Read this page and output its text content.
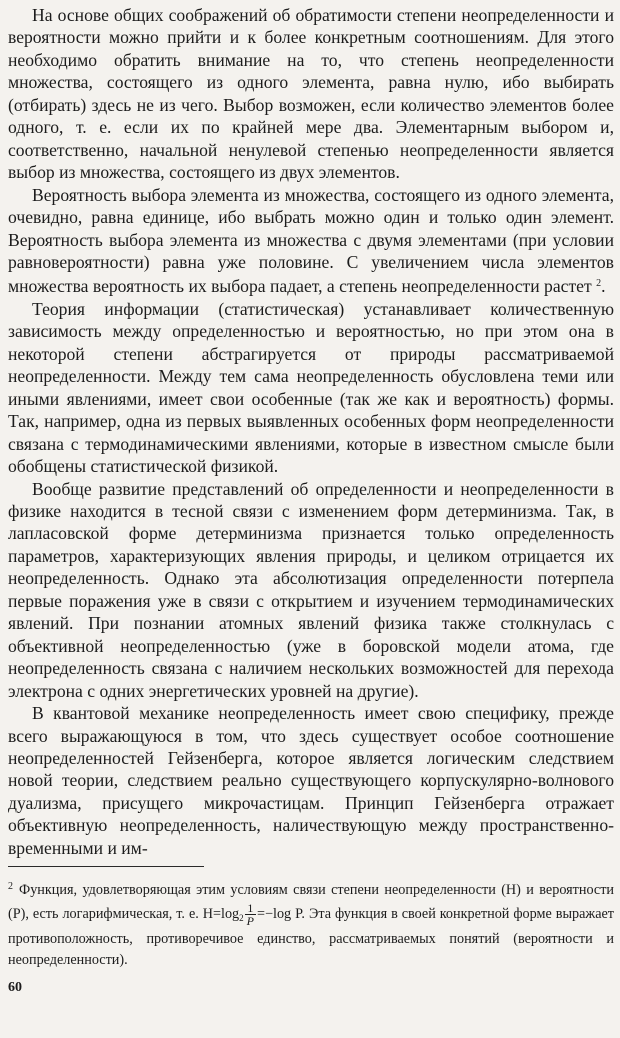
На основе общих соображений об обратимости степени неопределенности и вероятности можно прийти и к более конкретным соотношениям. Для этого необходимо обратить внимание на то, что степень неопределенности множества, состоящего из одного элемента, равна нулю, ибо выбирать (отбирать) здесь не из чего. Выбор возможен, если количество элементов более одного, т. е. если их по крайней мере два. Элементарным выбором и, соответственно, начальной ненулевой степенью неопределенности является выбор из множества, состоящего из двух элементов.

Вероятность выбора элемента из множества, состоящего из одного элемента, очевидно, равна единице, ибо выбрать можно один и только один элемент. Вероятность выбора элемента из множества с двумя элементами (при условии равновероятности) равна уже половине. С увеличением числа элементов множества вероятность их выбора падает, а степень неопределенности растет $^2$.

Теория информации (статистическая) устанавливает количественную зависимость между определенностью и вероятностью, но при этом она в некоторой степени абстрагируется от природы рассматриваемой неопределенности. Между тем сама неопределенность обусловлена теми или иными явлениями, имеет свои особенные (так же как и вероятность) формы. Так, например, одна из первых выявленных особенных форм неопределенности связана с термодинамическими явлениями, которые в известном смысле были обобщены статистической физикой.

Вообще развитие представлений об определенности и неопределенности в физике находится в тесной связи с изменением форм детерминизма. Так, в лапласовской форме детерминизма признается только определенность параметров, характеризующих явления природы, и целиком отрицается их неопределенность. Однако эта абсолютизация определенности потерпела первые поражения уже в связи с открытием и изучением термодинамических явлений. При познании атомных явлений физика также столкнулась с объективной неопределенностью (уже в боровской модели атома, где неопределенность связана с наличием нескольких возможностей для перехода электрона с одних энергетических уровней на другие).

В квантовой механике неопределенность имеет свою специфику, прежде всего выражающуюся в том, что здесь существует особое соотношение неопределенностей Гейзенберга, которое является логическим следствием новой теории, следствием реально существующего корпускулярно-волнового дуализма, присущего микрочастицам. Принцип Гейзенберга отражает объективную неопределенность, наличествующую между пространственно-временными и им-

$^2$ Функция, удовлетворяющая этим условиям связи степени неопределенности (H) и вероятности (P), есть логарифмическая, т. е. $H=\log_2 \frac{1}{P} =-\log$ P. Эта функция в своей конкретной форме выражает противоположность, противоречивое единство, рассматриваемых понятий (вероятности и неопределенности).
60
